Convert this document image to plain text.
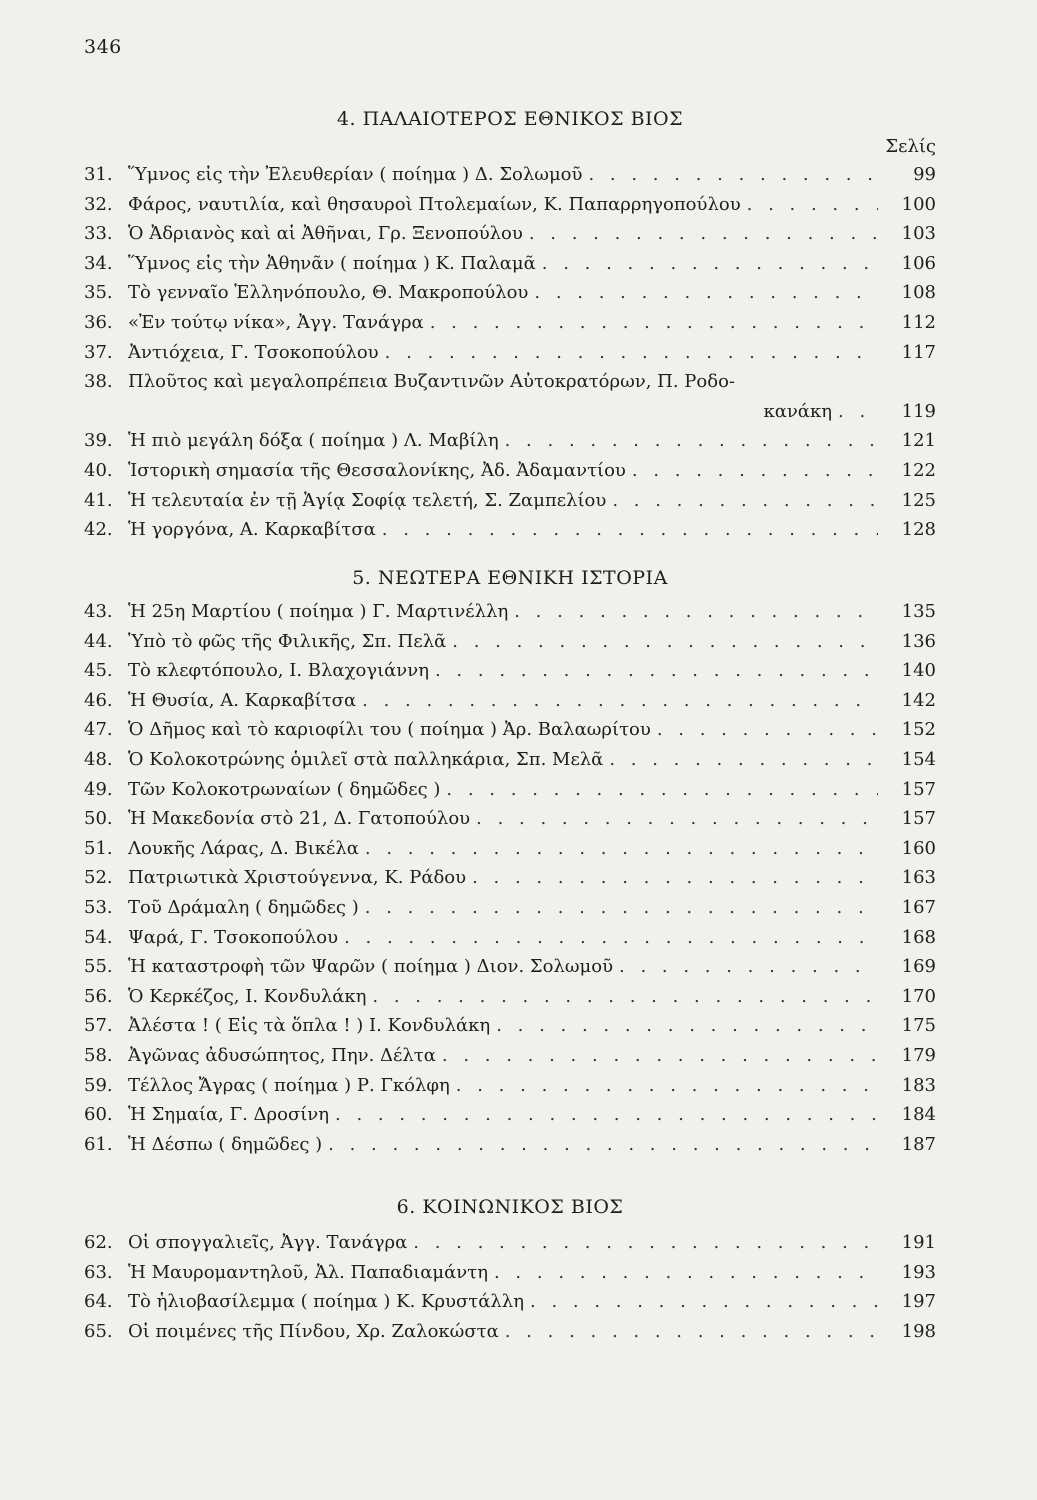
346
4. ΠΑΛΑΙΟΤΕΡΟΣ ΕΘΝΙΚΟΣ ΒΙΟΣ
Σελίς
31. Ὕμνος εἰς τὴν Ἐλευθερίαν ( ποίημα ) Δ. Σολωμοῦ . . .	99
32. Φάρος, ναυτιλία, καὶ θησαυροὶ Πτολεμαίων, Κ. Παπαρρηγοπούλου . . .	100
33. Ὁ Ἀδριανὸς καὶ αἱ Ἀθῆναι, Γρ. Ξενοπούλου . . .	103
34. Ὕμνος εἰς τὴν Ἀθηνᾶν ( ποίημα ) Κ. Παλαμᾶ . . .	106
35. Τὸ γενναῖο Ἑλληνόπουλο, Θ. Μακροπούλου . . .	108
36. «Ἐν τούτῳ νίκα», Ἀγγ. Τανάγρα . . .	112
37. Ἀντιόχεια, Γ. Τσοκοπούλου . . .	117
38. Πλοῦτος καὶ μεγαλοπρέπεια Βυζαντινῶν Αὐτοκρατόρων, Π. Ροδο-
κανάκη . . .	119
39. Ἡ πιὸ μεγάλη δόξα ( ποίημα ) Λ. Μαβίλη . . .	121
40. Ἱστορικὴ σημασία τῆς Θεσσαλονίκης, Ἀδ. Ἀδαμαντίου . . .	122
41. Ἡ τελευταία ἐν τῇ Ἁγίᾳ Σοφίᾳ τελετή, Σ. Ζαμπελίου . . .	125
42. Ἡ γοργόνα, Α. Καρκαβίτσα . . .	128
5. ΝΕΩΤΕΡΑ ΕΘΝΙΚΗ ΙΣΤΟΡΙΑ
43. Ἡ 25η Μαρτίου ( ποίημα ) Γ. Μαρτινέλλη . . .	135
44. Ὑπὸ τὸ φῶς τῆς Φιλικῆς, Σπ. Πελᾶ . . .	136
45. Τὸ κλεφτόπουλο, Ι. Βλαχογιάννη . . .	140
46. Ἡ Θυσία, Α. Καρκαβίτσα . . .	142
47. Ὁ Δῆμος καὶ τὸ καριοφίλι του ( ποίημα ) Ἀρ. Βαλαωρίτου . . .	152
48. Ὁ Κολοκοτρώνης ὁμιλεῖ στὰ παλληκάρια, Σπ. Μελᾶ . . .	154
49. Τῶν Κολοκοτρωναίων ( δημῶδες ) . . .	157
50. Ἡ Μακεδονία στὸ 21, Δ. Γατοπούλου . . .	157
51. Λουκῆς Λάρας, Δ. Βικέλα . . .	160
52. Πατριωτικὰ Χριστούγεννα, Κ. Ράδου . . .	163
53. Τοῦ Δράμαλη ( δημῶδες ) . . .	167
54. Ψαρά, Γ. Τσοκοπούλου . . .	168
55. Ἡ καταστροφὴ τῶν Ψαρῶν ( ποίημα ) Διον. Σολωμοῦ . . .	169
56. Ὁ Κερκέζος, Ι. Κονδυλάκη . . .	170
57. Ἀλέστα ! ( Εἰς τὰ ὅπλα ! ) Ι. Κονδυλάκη . . .	175
58. Ἀγῶνας ἀδυσώπητος, Πην. Δέλτα . . .	179
59. Τέλλος Ἄγρας ( ποίημα ) Ρ. Γκόλφη . . .	183
60. Ἡ Σημαία, Γ. Δροσίνη . . .	184
61. Ἡ Δέσπω ( δημῶδες ) . . .	187
6. ΚΟΙΝΩΝΙΚΟΣ ΒΙΟΣ
62. Οἱ σπογγαλιεῖς, Ἀγγ. Τανάγρα . . .	191
63. Ἡ Μαυρομαντηλοῦ, Ἀλ. Παπαδιαμάντη . . .	193
64. Τὸ ἡλιοβασίλεμμα ( ποίημα ) Κ. Κρυστάλλη . . .	197
65. Οἱ ποιμένες τῆς Πίνδου, Χρ. Ζαλοκώστα . . .	198
